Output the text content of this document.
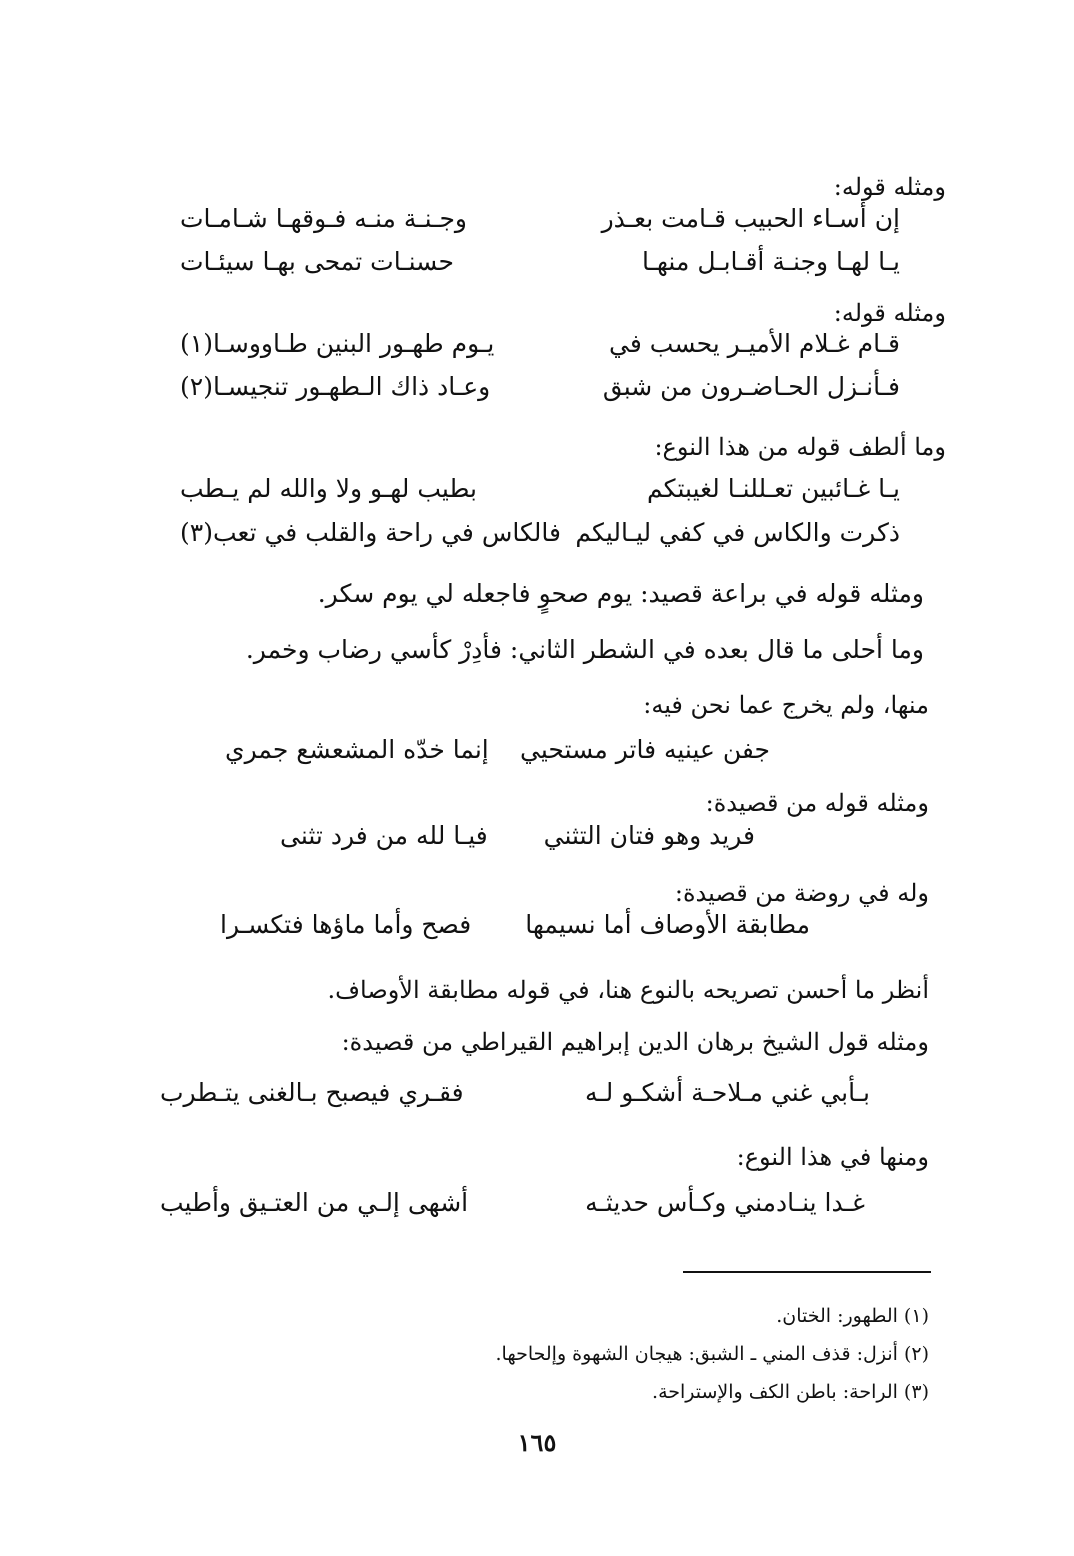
ومثله قوله:
إن أسـاء الحبيب قـامت بعـذر
وجـنـة منـه فـوقهـا شـامـات
يـا لهـا وجنـة أقـابـل منهـا
حسنـات تمحى بهـا سيئـات
ومثله قوله:
قـام غـلام الأميـر يحسب في
يـوم طهـور البنين طـاووسـا(١)
فـأنـزل الحـاضـرون من شبق
وعـاد ذاك الـطهـور تنجيسـا(٢)
وما ألطف قوله من هذا النوع:
يـا غـائبين تعـللنـا لغيبتكم
بطيب لهـو ولا والله لم يـطب
ذكرت والكاس في كفي ليـاليكم
فالكاس في راحة والقلب في تعب(٣)
ومثله قوله في براعة قصيد: يوم صحوٍ فاجعله لي يوم سكر.
وما أحلى ما قال بعده في الشطر الثاني: فأدِرْ كأسي رضاب وخمر.
منها، ولم يخرج عما نحن فيه:
جفن عينيه فاتر مستحيي
إنما خدّه المشعشع جمري
ومثله قوله من قصيدة:
فريد وهو فتان التثني
فيـا لله من فرد تثنى
وله في روضة من قصيدة:
مطابقة الأوصاف أما نسيمها
فصح وأما ماؤها فتكسـرا
أنظر ما أحسن تصريحه بالنوع هنا، في قوله مطابقة الأوصاف.
ومثله قول الشيخ برهان الدين إبراهيم القيراطي من قصيدة:
بـأبي غني مـلاحـة أشكـو لـه
فقـري فيصبح بـالغنى يتـطرب
ومنها في هذا النوع:
غـدا ينـادمني وكـأس حديثـه
أشهى إلـي من العتـيق وأطيب
(١) الطهور: الختان.
(٢) أنزل: قذف المني ـ الشبق: هيجان الشهوة وإلحاحها.
(٣) الراحة: باطن الكف والإستراحة.
١٦٥
